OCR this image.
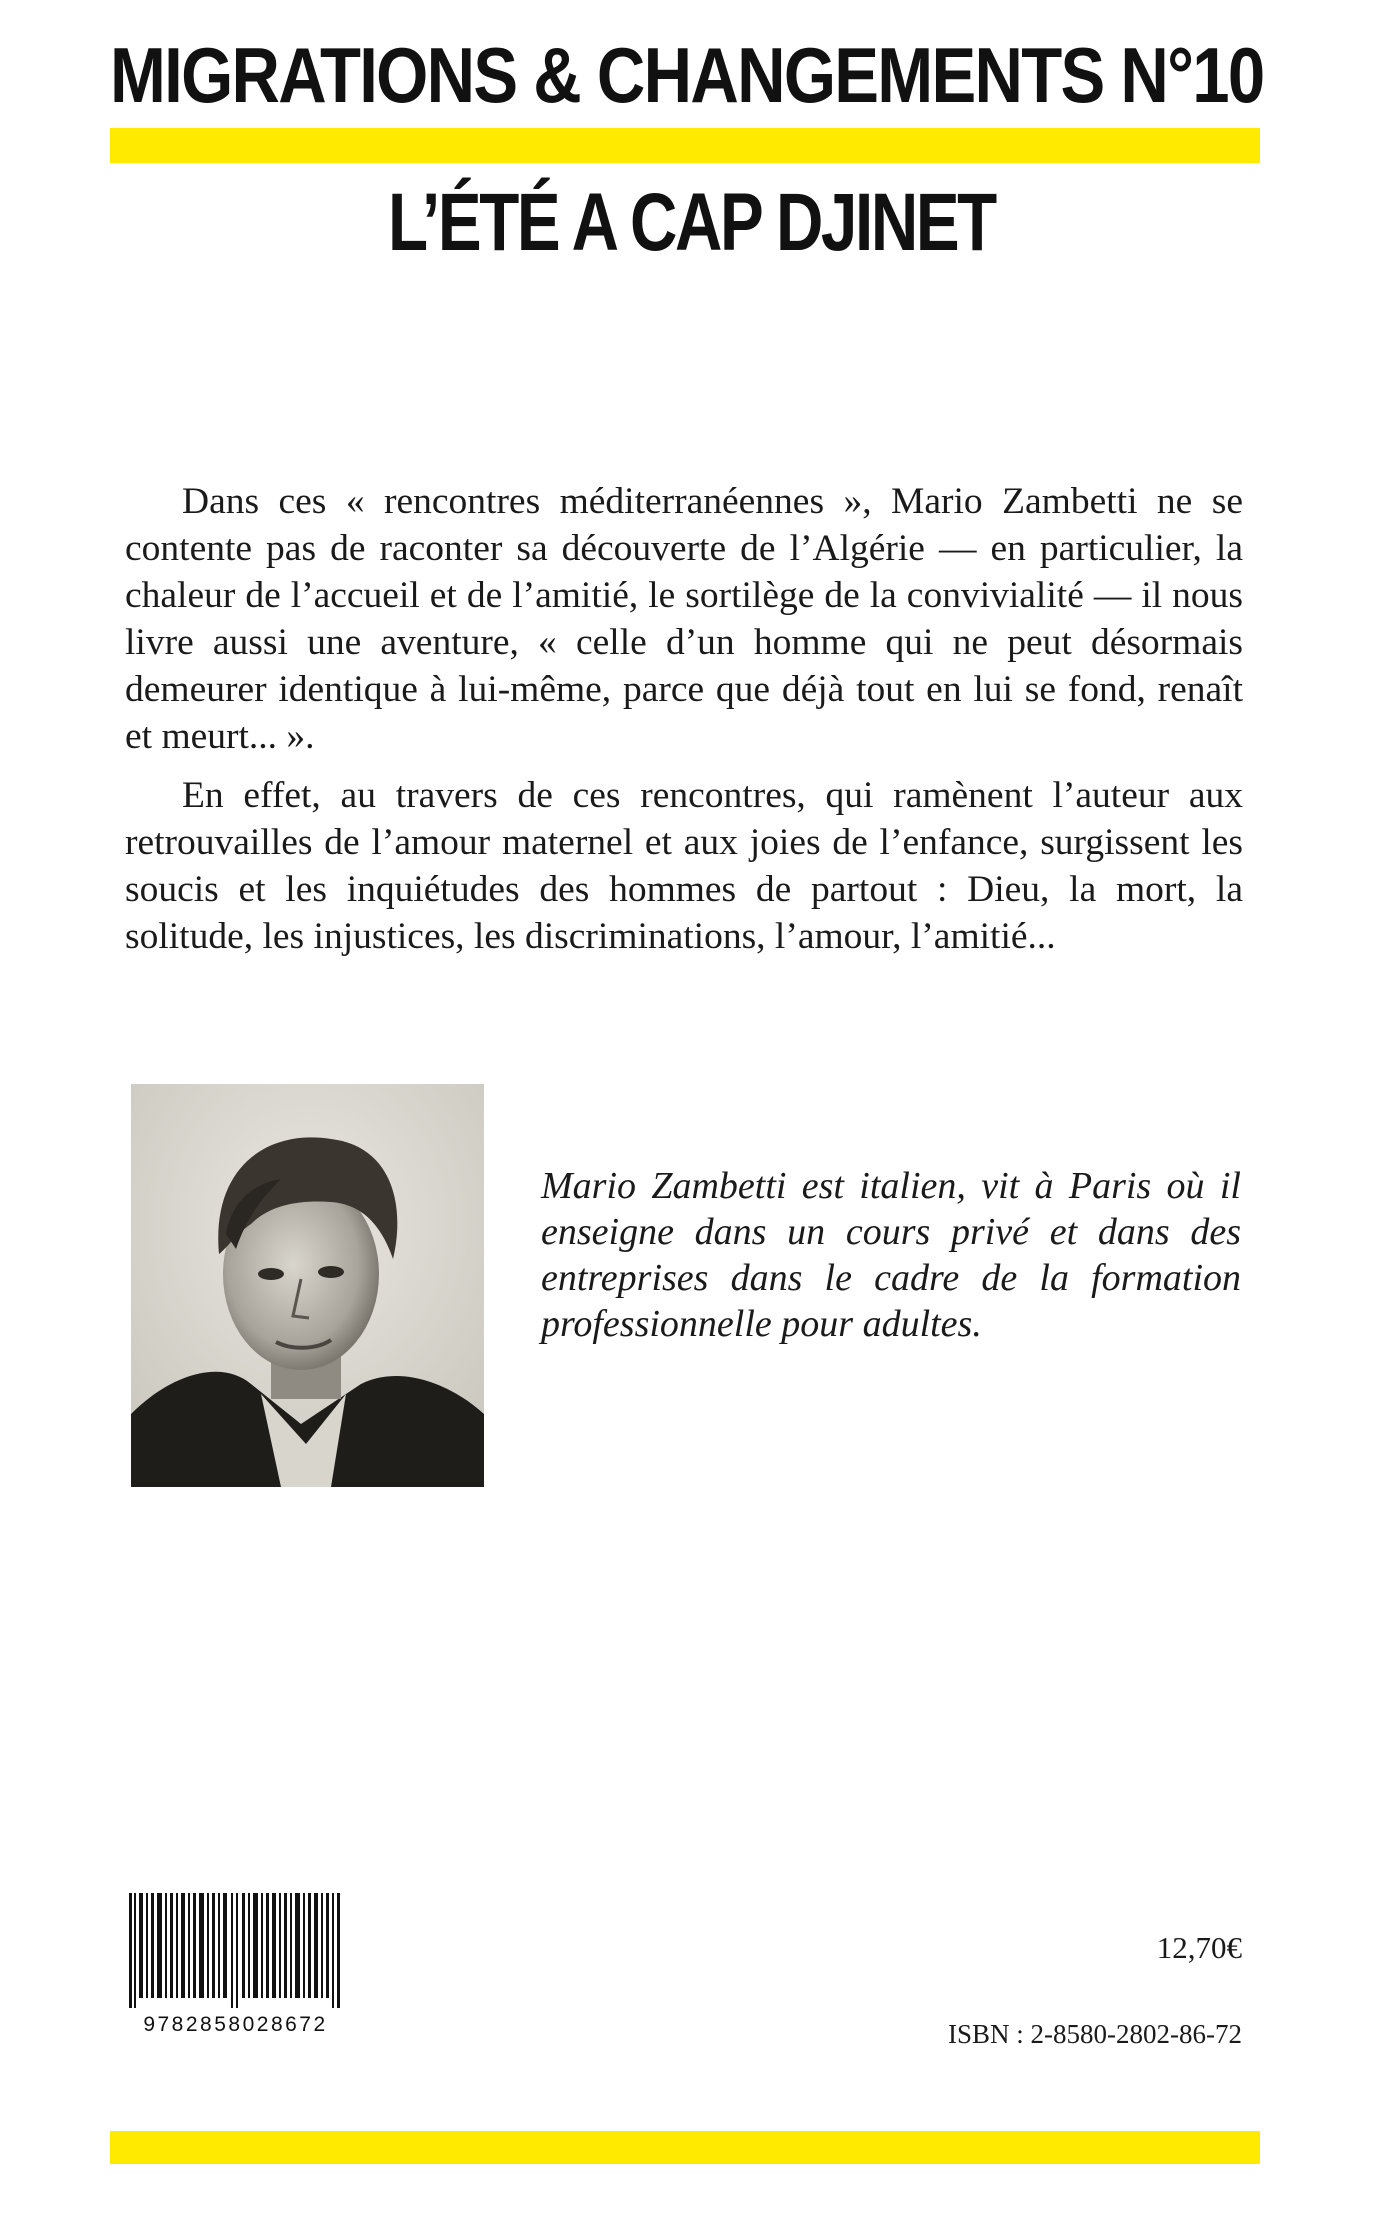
MIGRATIONS & CHANGEMENTS N°10
L’ÉTÉ A CAP DJINET

Dans ces « rencontres méditerranéennes », Mario Zambetti ne se contente pas de raconter sa découverte de l’Algérie — en particulier, la chaleur de l’accueil et de l’amitié, le sortilège de la convivialité — il nous livre aussi une aventure, « celle d’un homme qui ne peut désormais demeurer identique à lui-même, parce que déjà tout en lui se fond, renaît et meurt... ».

En effet, au travers de ces rencontres, qui ramènent l’auteur aux retrouvailles de l’amour maternel et aux joies de l’enfance, surgissent les soucis et les inquiétudes des hommes de partout : Dieu, la mort, la solitude, les injustices, les discriminations, l’amour, l’amitié...

Mario Zambetti est italien, vit à Paris où il enseigne dans un cours privé et dans des entreprises dans le cadre de la formation professionnelle pour adultes.

9782858028672
12,70€
ISBN : 2-8580-2802-86-72
